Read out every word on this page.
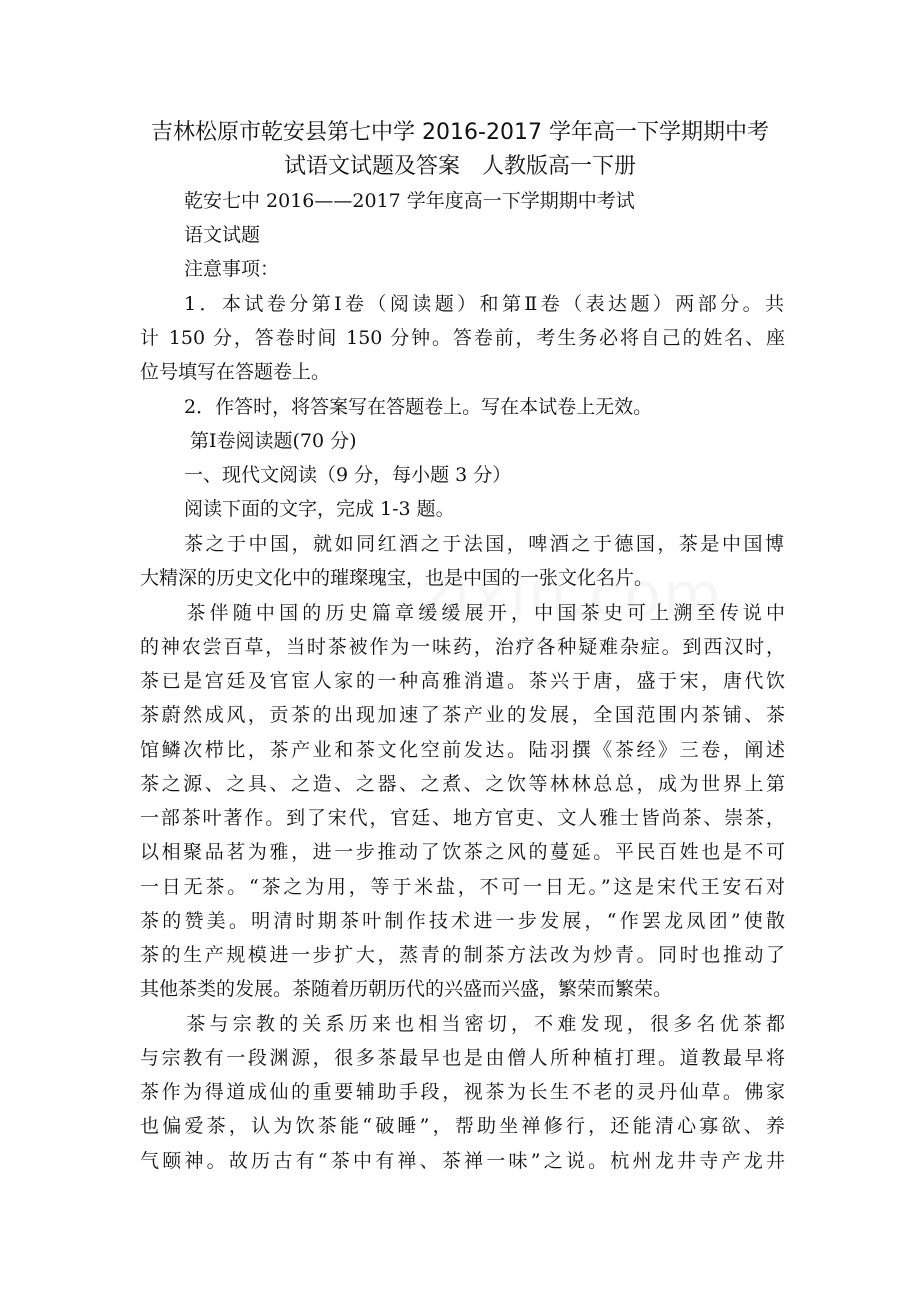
吉林松原市乾安县第七中学 2016-2017 学年高一下学期期中考
试语文试题及答案　人教版高一下册

乾安七中 2016——2017 学年度高一下学期期中考试

语文试题

注意事项：

1．本试卷分第Ⅰ卷（阅读题）和第Ⅱ卷（表达题）两部分。共

计 150 分，答卷时间 150 分钟。答卷前，考生务必将自己的姓名、座

位号填写在答题卷上。

2．作答时，将答案写在答题卷上。写在本试卷上无效。

第Ⅰ卷阅读题(70 分)

一、现代文阅读（9 分，每小题 3 分）

阅读下面的文字，完成 1-3 题。

茶之于中国，就如同红酒之于法国，啤酒之于德国，茶是中国博

大精深的历史文化中的璀璨瑰宝，也是中国的一张文化名片。

　　茶伴随中国的历史篇章缓缓展开，中国茶史可上溯至传说中

的神农尝百草，当时茶被作为一味药，治疗各种疑难杂症。到西汉时，

茶已是宫廷及官宦人家的一种高雅消遣。茶兴于唐，盛于宋，唐代饮

茶蔚然成风，贡茶的出现加速了茶产业的发展，全国范围内茶铺、茶

馆鳞次栉比，茶产业和茶文化空前发达。陆羽撰《茶经》三卷，阐述

茶之源、之具、之造、之器、之煮、之饮等林林总总，成为世界上第

一部茶叶著作。到了宋代，官廷、地方官吏、文人雅士皆尚茶、崇茶，

以相聚品茗为雅，进一步推动了饮茶之风的蔓延。平民百姓也是不可

一日无茶。“茶之为用，等于米盐，不可一日无。”这是宋代王安石对

茶的赞美。明清时期茶叶制作技术进一步发展，“作罢龙凤团”使散

茶的生产规模进一步扩大，蒸青的制茶方法改为炒青。同时也推动了

其他茶类的发展。茶随着历朝历代的兴盛而兴盛，繁荣而繁荣。

　　茶与宗教的关系历来也相当密切，不难发现，很多名优茶都

与宗教有一段渊源，很多茶最早也是由僧人所种植打理。道教最早将

茶作为得道成仙的重要辅助手段，视茶为长生不老的灵丹仙草。佛家

也偏爱茶，认为饮茶能“破睡”，帮助坐禅修行，还能清心寡欲、养

气颐神。故历古有“茶中有禅、茶禅一味”之说。杭州龙井寺产龙井
